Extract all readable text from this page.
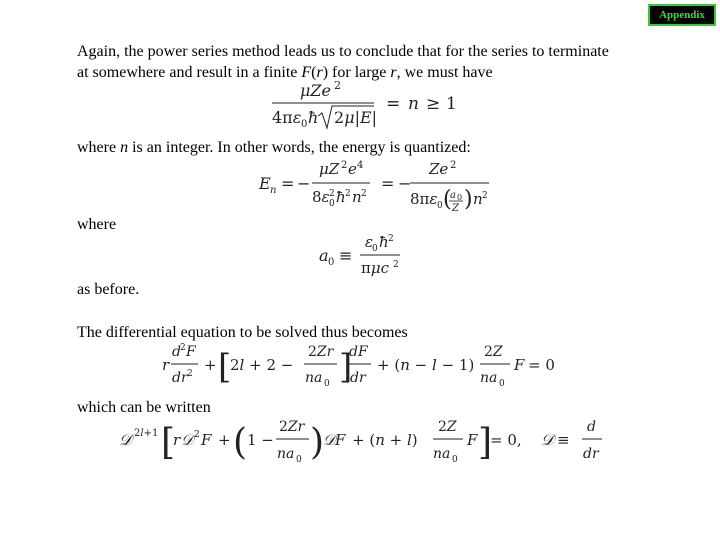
Appendix
Again, the power series method leads us to conclude that for the series to terminate
at somewhere and result in a finite F(r) for large r, we must have
μZe 2
4πε 0 ħ 2μ|E|
= n ≥ 1
where n is an integer. In other words, the energy is quantized:
E n = −
μZ 2 e 4
8ε 2
0 ħ 2 n 2
= −
Ze 2
8πε 0 (
a 0
Z ) n 2
where
a 0 ≡
ε
0 ħ 2
πμc 2
as before.
The differential equation to be solved thus becomes
r
d 2 F
dr 2 + [
2l + 2 −
2Zr
na 0 ]
dF
dr
+ (n − l − 1)
2Z
na 0
F = 0
which can be written
𝒟 2l+1 [
r 𝒟 2 F + ( 1 −
2Zr
na 0 )
𝒟F + (n + l)
2Z
na 0
F ]
= 0, 𝒟 ≡
d
dr
